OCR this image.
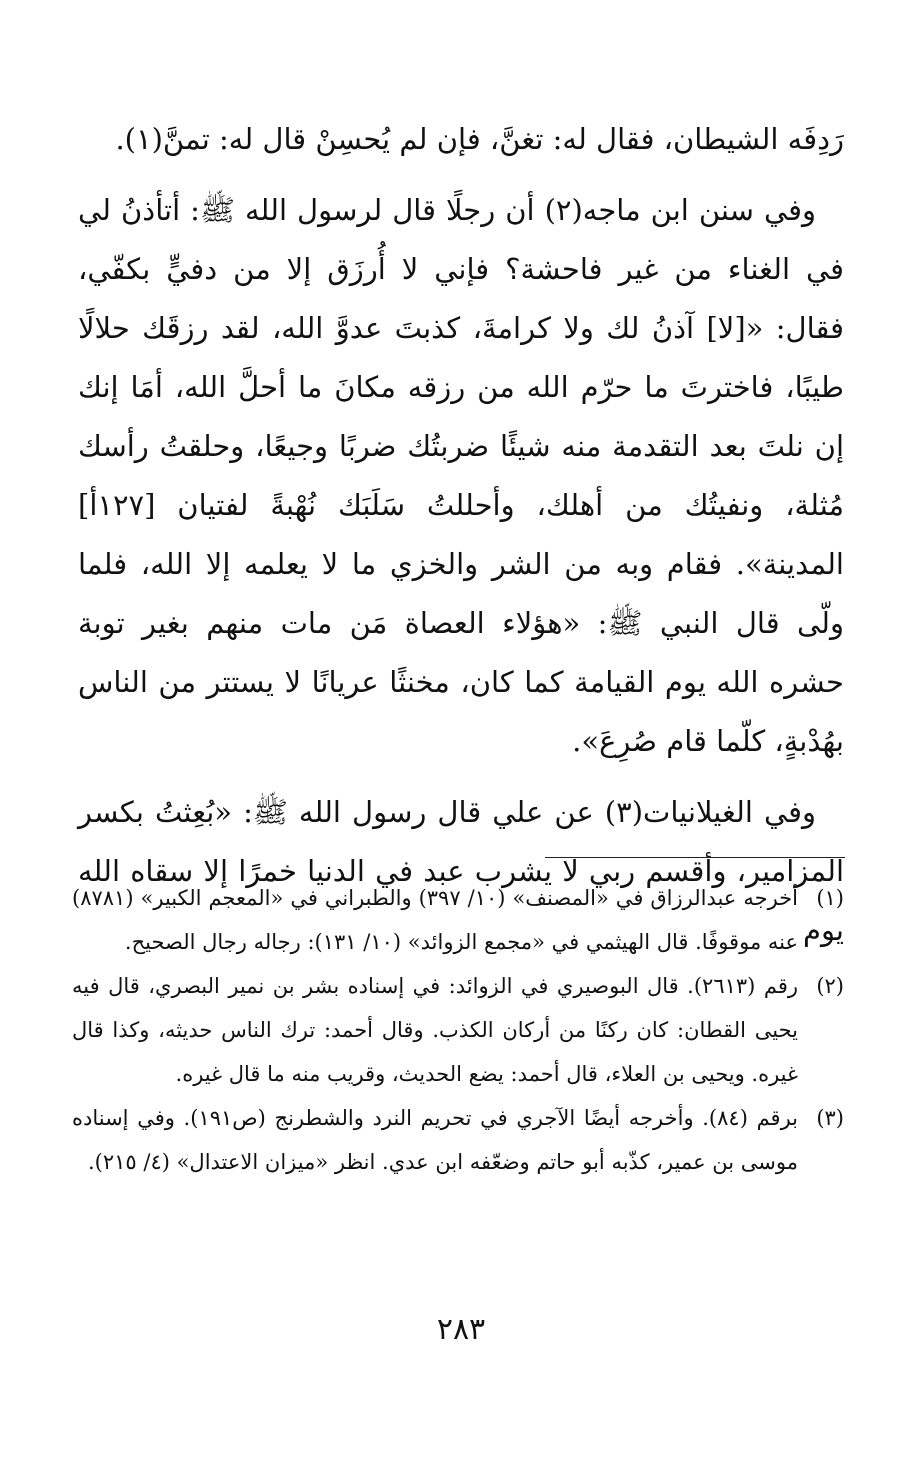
رَدِفَه الشيطان، فقال له: تغنَّ، فإن لم يُحسِنْ قال له: تمنَّ(١).

وفي سنن ابن ماجه(٢) أن رجلًا قال لرسول الله ﷺ: أتأذنُ لي في الغناء من غير فاحشة؟ فإني لا أُرزَق إلا من دفيٍّ بكفّي، فقال: «[لا] آذنُ لك ولا كرامةَ، كذبتَ عدوَّ الله، لقد رزقَك حلالًا طيبًا، فاخترتَ ما حرّم الله من رزقه مكانَ ما أحلَّ الله، أمَا إنك إن نلتَ بعد التقدمة منه شيئًا ضربتُك ضربًا وجيعًا، وحلقتُ رأسك مُثلة، ونفيتُك من أهلك، وأحللتُ سَلَبَك نُهْبةً لفتيان [١٢٧أ] المدينة». فقام وبه من الشر والخزي ما لا يعلمه إلا الله، فلما ولّى قال النبي ﷺ: «هؤلاء العصاة مَن مات منهم بغير توبة حشره الله يوم القيامة كما كان، مخنثًا عريانًا لا يستتر من الناس بهُدْبةٍ، كلّما قام صُرِعَ».

وفي الغيلانيات(٣) عن علي قال رسول الله ﷺ: «بُعِثتُ بكسر المزامير، وأقسم ربي لا يشرب عبد في الدنيا خمرًا إلا سقاه الله يوم

(١)
أخرجه عبدالرزاق في «المصنف» (١٠/ ٣٩٧) والطبراني في «المعجم الكبير» (٨٧٨١) عنه موقوفًا. قال الهيثمي في «مجمع الزوائد» (١٠/ ١٣١): رجاله رجال الصحيح.
(٢)
رقم (٢٦١٣). قال البوصيري في الزوائد: في إسناده بشر بن نمير البصري، قال فيه يحيى القطان: كان ركنًا من أركان الكذب. وقال أحمد: ترك الناس حديثه، وكذا قال غيره. ويحيى بن العلاء، قال أحمد: يضع الحديث، وقريب منه ما قال غيره.
(٣)
برقم (٨٤). وأخرجه أيضًا الآجري في تحريم النرد والشطرنج (ص١٩١). وفي إسناده موسى بن عمير، كذّبه أبو حاتم وضعّفه ابن عدي. انظر «ميزان الاعتدال» (٤/ ٢١٥).
٢٨٣
